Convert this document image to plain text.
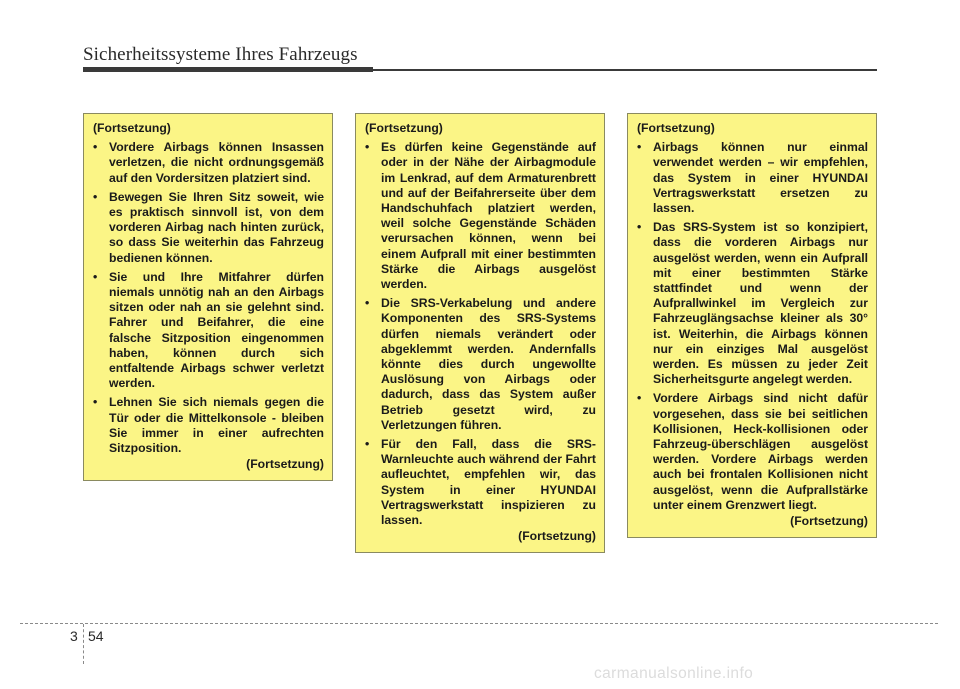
Sicherheitssysteme Ihres Fahrzeugs
(Fortsetzung)
• Vordere Airbags können Insassen verletzen, die nicht ordnungsgemäß auf den Vordersitzen platziert sind.
• Bewegen Sie Ihren Sitz soweit, wie es praktisch sinnvoll ist, von dem vorderen Airbag nach hinten zurück, so dass Sie weiterhin das Fahrzeug bedienen können.
• Sie und Ihre Mitfahrer dürfen niemals unnötig nah an den Airbags sitzen oder nah an sie gelehnt sind. Fahrer und Beifahrer, die eine falsche Sitzposition eingenommen haben, können durch sich entfaltende Airbags schwer verletzt werden.
• Lehnen Sie sich niemals gegen die Tür oder die Mittelkonsole - bleiben Sie immer in einer aufrechten Sitzposition.
(Fortsetzung)
(Fortsetzung)
• Es dürfen keine Gegenstände auf oder in der Nähe der Airbagmodule im Lenkrad, auf dem Armaturenbrett und auf der Beifahrerseite über dem Handschuhfach platziert werden, weil solche Gegenstände Schäden verursachen können, wenn bei einem Aufprall mit einer bestimmten Stärke die Airbags ausgelöst werden.
• Die SRS-Verkabelung und andere Komponenten des SRS-Systems dürfen niemals verändert oder abgeklemmt werden. Andernfalls könnte dies durch ungewollte Auslösung von Airbags oder dadurch, dass das System außer Betrieb gesetzt wird, zu Verletzungen führen.
• Für den Fall, dass die SRS-Warnleuchte auch während der Fahrt aufleuchtet, empfehlen wir, das System in einer HYUNDAI Vertragswerkstatt inspizieren zu lassen.
(Fortsetzung)
(Fortsetzung)
• Airbags können nur einmal verwendet werden – wir empfehlen, das System in einer HYUNDAI Vertragswerkstatt ersetzen zu lassen.
• Das SRS-System ist so konzipiert, dass die vorderen Airbags nur ausgelöst werden, wenn ein Aufprall mit einer bestimmten Stärke stattfindet und wenn der Aufprallwinkel im Vergleich zur Fahrzeuglängsachse kleiner als 30° ist. Weiterhin, die Airbags können nur ein einziges Mal ausgelöst werden. Es müssen zu jeder Zeit Sicherheitsgurte angelegt werden.
• Vordere Airbags sind nicht dafür vorgesehen, dass sie bei seitlichen Kollisionen, Heck-kollisionen oder Fahrzeug-überschlägen ausgelöst werden. Vordere Airbags werden auch bei frontalen Kollisionen nicht ausgelöst, wenn die Aufprallstärke unter einem Grenzwert liegt.
(Fortsetzung)
3 54
carmanualsonline.info
